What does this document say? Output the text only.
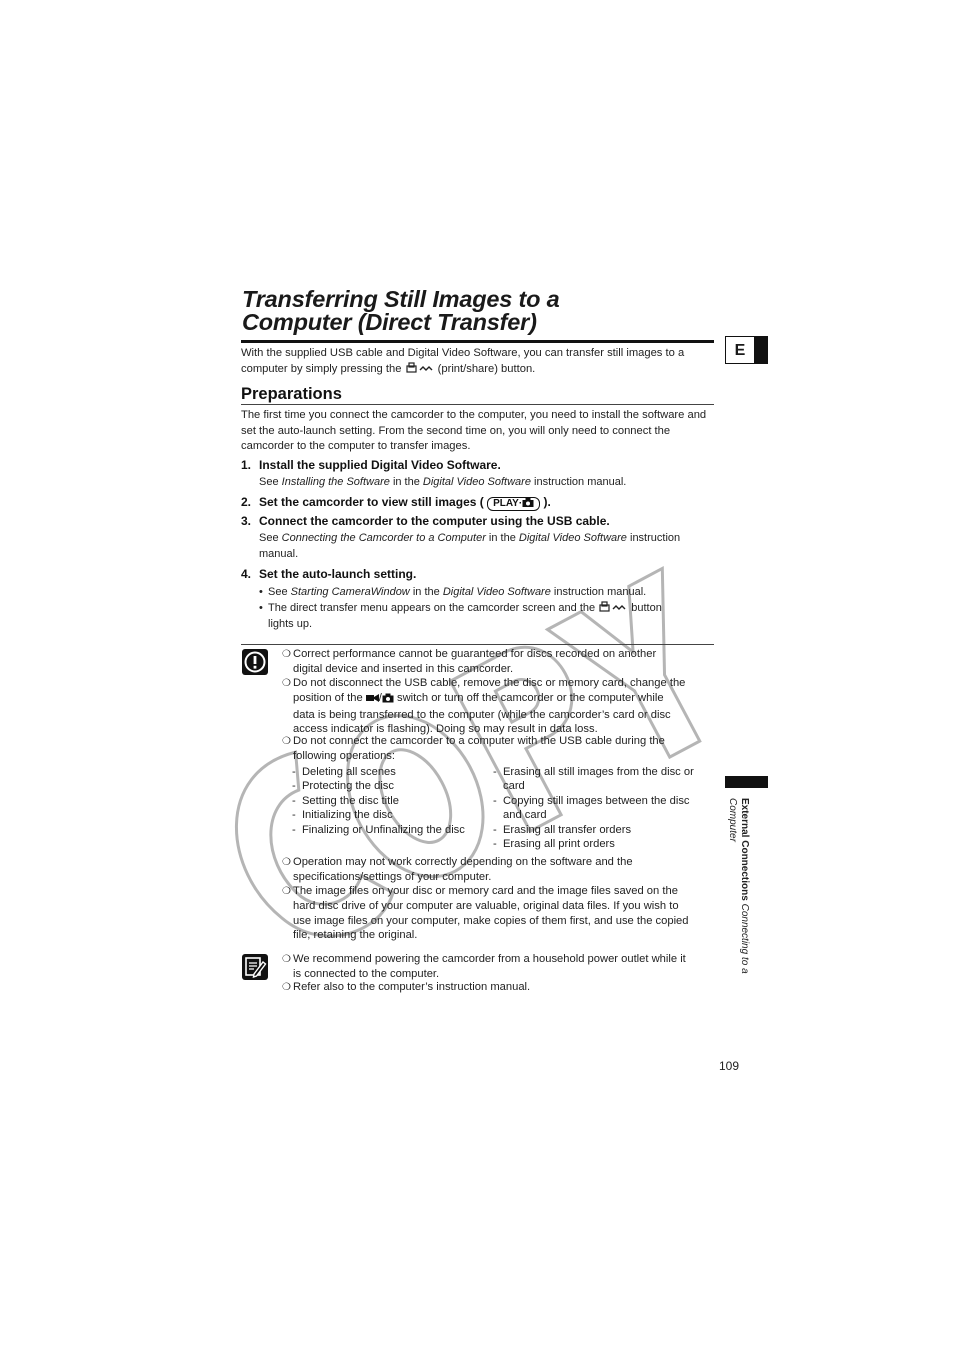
Transferring Still Images to a
Computer (Direct Transfer)
E
With the supplied USB cable and Digital Video Software, you can transfer still images to a computer by simply pressing the	(print/share) button.
Preparations
The first time you connect the camcorder to the computer, you need to install the software and set the auto-launch setting. From the second time on, you will only need to connect the camcorder to the computer to transfer images.
1. Install the supplied Digital Video Software.
See Installing the Software in the Digital Video Software instruction manual.
2. Set the camcorder to view still images ( PLAY· ).
3. Connect the camcorder to the computer using the USB cable.
See Connecting the Camcorder to a Computer in the Digital Video Software instruction manual.
4. Set the auto-launch setting.
• See Starting CameraWindow in the Digital Video Software instruction manual.
• The direct transfer menu appears on the camcorder screen and the	button
lights up.
❍ Correct performance cannot be guaranteed for discs recorded on another
digital device and inserted in this camcorder.
❍ Do not disconnect the USB cable, remove the disc or memory card, change the
position of the / switch or turn off the camcorder or the computer while
data is being transferred to the computer (while the camcorder’s card or disc
access indicator is flashing). Doing so may result in data loss.
❍ Do not connect the camcorder to a computer with the USB cable during the
following operations:
-  Deleting all scenes
-  Protecting the disc
-  Setting the disc title
-  Initializing the disc
-  Finalizing or Unfinalizing the disc
-  Erasing all still images from the disc or
card
-  Copying still images between the disc
and card
-  Erasing all transfer orders
-  Erasing all print orders
❍ Operation may not work correctly depending on the software and the
specifications/settings of your computer.
❍ The image files on your disc or memory card and the image files saved on the
hard disc drive of your computer are valuable, original data files. If you wish to
use image files on your computer, make copies of them first, and use the copied
file, retaining the original.
❍ We recommend powering the camcorder from a household power outlet while it
is connected to the computer.
❍ Refer also to the computer’s instruction manual.
External Connections Connecting to a Computer
109
